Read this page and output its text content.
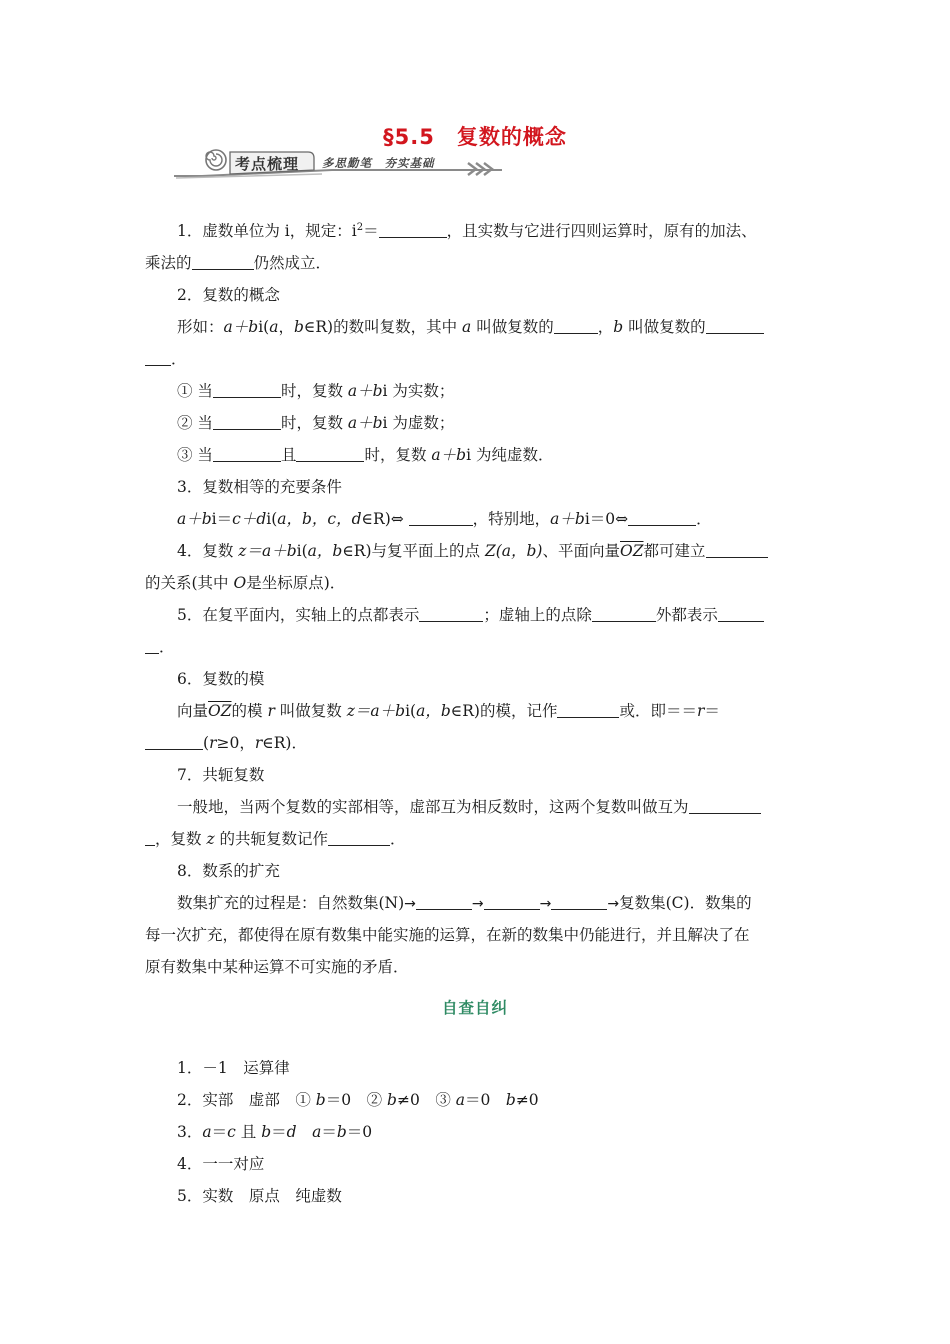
§5.5　复数的概念
考点梳理 多思勤笔　夯实基础
1．虚数单位为 i，规定：$i^2=$	，且实数与它进行四则运算时，原有的加法、
乘法的	仍然成立．
2．复数的概念
形如：a＋bi(a，b∈R)的数叫复数，其中 a 叫做复数的	，b 叫做复数的
．
① 当	时，复数 a＋bi 为实数；
② 当	时，复数 a＋bi 为虚数；
③ 当	且	时，复数 a＋bi 为纯虚数．
3．复数相等的充要条件
a＋bi＝c＋di(a，b，c，d∈R)⇔	，特别地，a＋bi＝0⇔	．
4．复数 z＝a＋bi(a，b∈R)与复平面上的点 Z(a，b)、平面向量$\overline{OZ}$都可建立
的关系(其中 O是坐标原点)．
5．在复平面内，实轴上的点都表示	；虚轴上的点除	外都表示
．
6．复数的模
向量$\overline{OZ}$的模 r 叫做复数 z＝a＋bi(a，b∈R)的模，记作	或．即＝＝r＝
(r≥0，r∈R)．
7．共轭复数
一般地，当两个复数的实部相等，虚部互为相反数时，这两个复数叫做互为
，复数 z 的共轭复数记作	．
8．数系的扩充
数集扩充的过程是：自然数集(N)→	→	→	→复数集(C)．数集的
每一次扩充，都使得在原有数集中能实施的运算，在新的数集中仍能进行，并且解决了在
原有数集中某种运算不可实施的矛盾．
自查自纠
1．－1　运算律
2．实部　虚部　① b＝0　② b≠0　③ a＝0　b≠0
3．a＝c 且 b＝d　 a＝b＝0
4．一一对应
5．实数　原点　纯虚数
